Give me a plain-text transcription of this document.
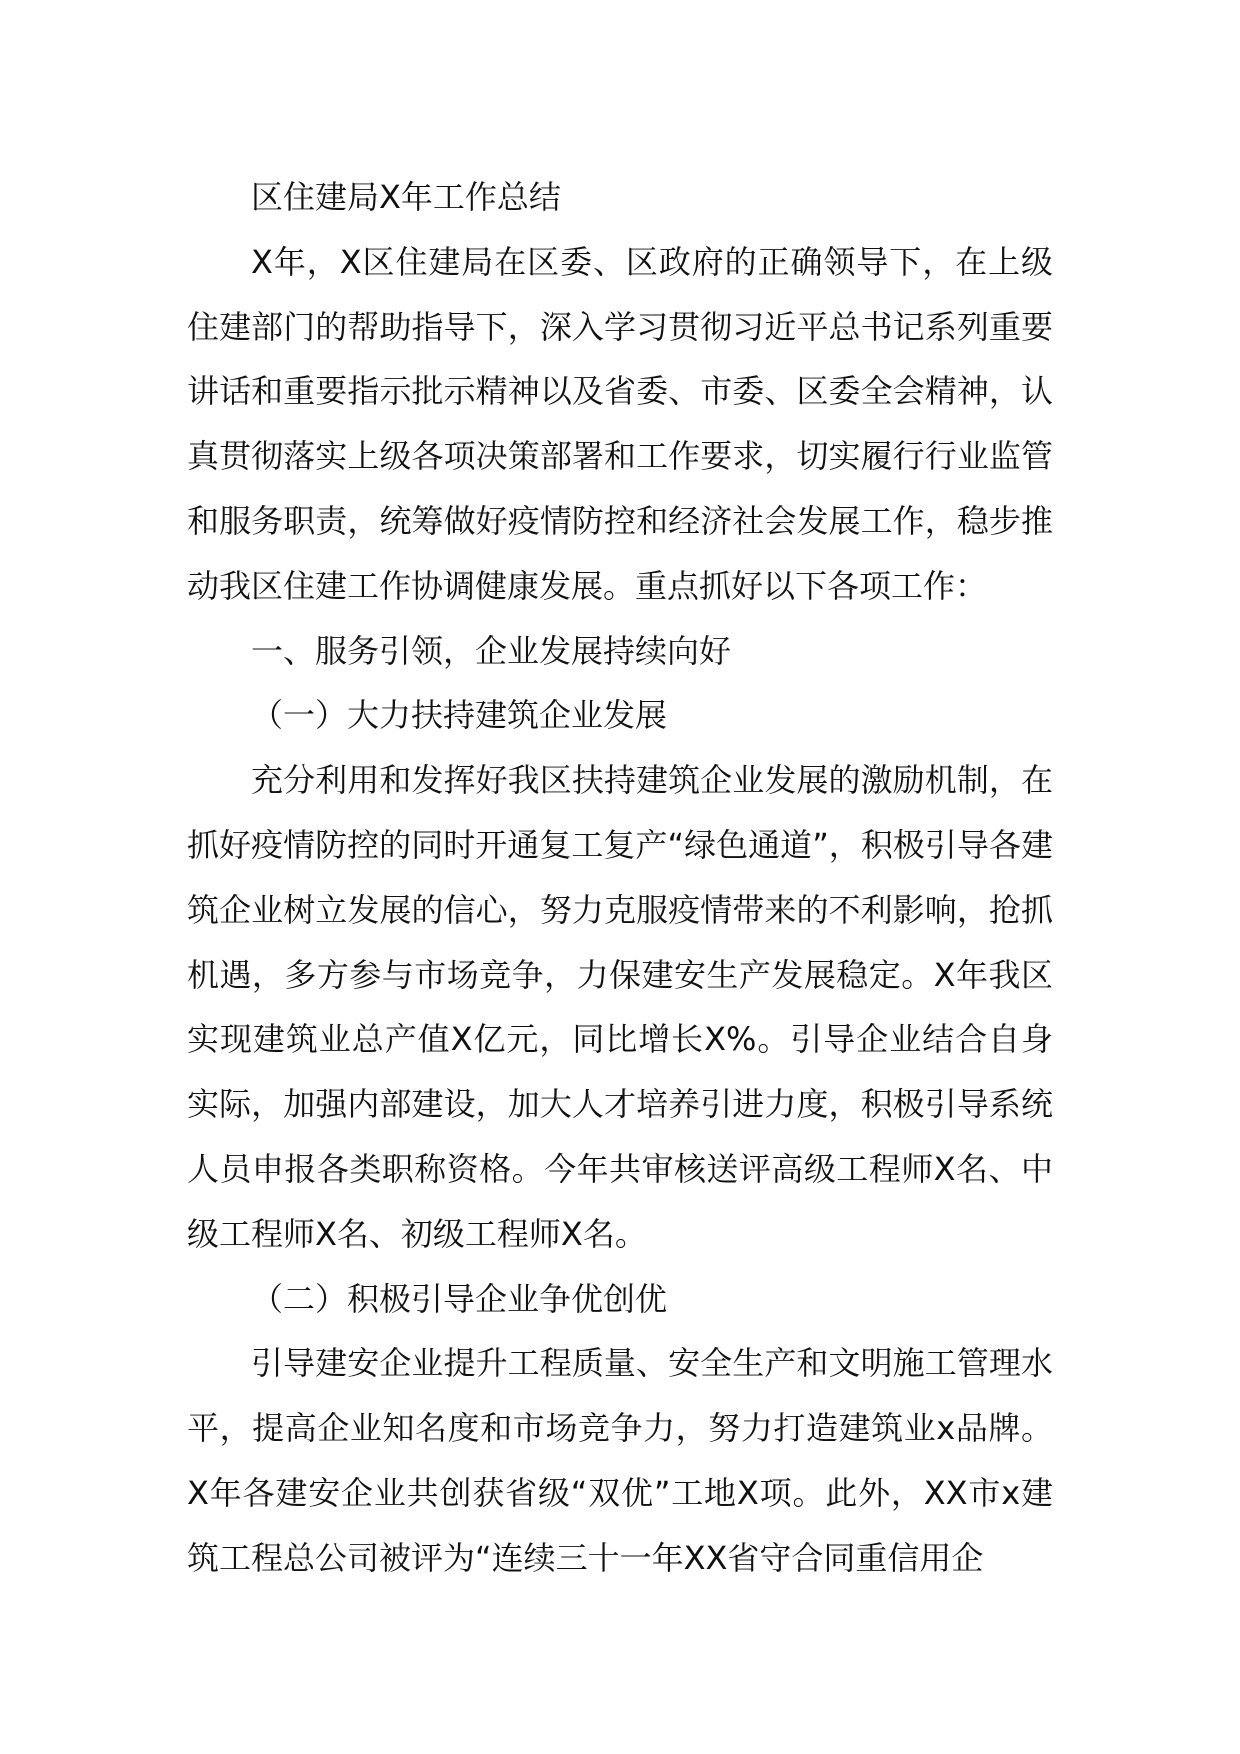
区住建局X年工作总结

X年，X区住建局在区委、区政府的正确领导下，在上级住建部门的帮助指导下，深入学习贯彻习近平总书记系列重要讲话和重要指示批示精神以及省委、市委、区委全会精神，认真贯彻落实上级各项决策部署和工作要求，切实履行行业监管和服务职责，统筹做好疫情防控和经济社会发展工作，稳步推动我区住建工作协调健康发展。重点抓好以下各项工作：

一、服务引领，企业发展持续向好

（一）大力扶持建筑企业发展

充分利用和发挥好我区扶持建筑企业发展的激励机制，在抓好疫情防控的同时开通复工复产“绿色通道”，积极引导各建筑企业树立发展的信心，努力克服疫情带来的不利影响，抢抓机遇，多方参与市场竞争，力保建安生产发展稳定。X年我区实现建筑业总产值X亿元，同比增长X%。引导企业结合自身实际，加强内部建设，加大人才培养引进力度，积极引导系统人员申报各类职称资格。今年共审核送评高级工程师X名、中级工程师X名、初级工程师X名。

（二）积极引导企业争优创优

引导建安企业提升工程质量、安全生产和文明施工管理水平，提高企业知名度和市场竞争力，努力打造建筑业x品牌。X年各建安企业共创获省级“双优”工地X项。此外，XX市x建筑工程总公司被评为“连续三十一年XX省守合同重信用企
